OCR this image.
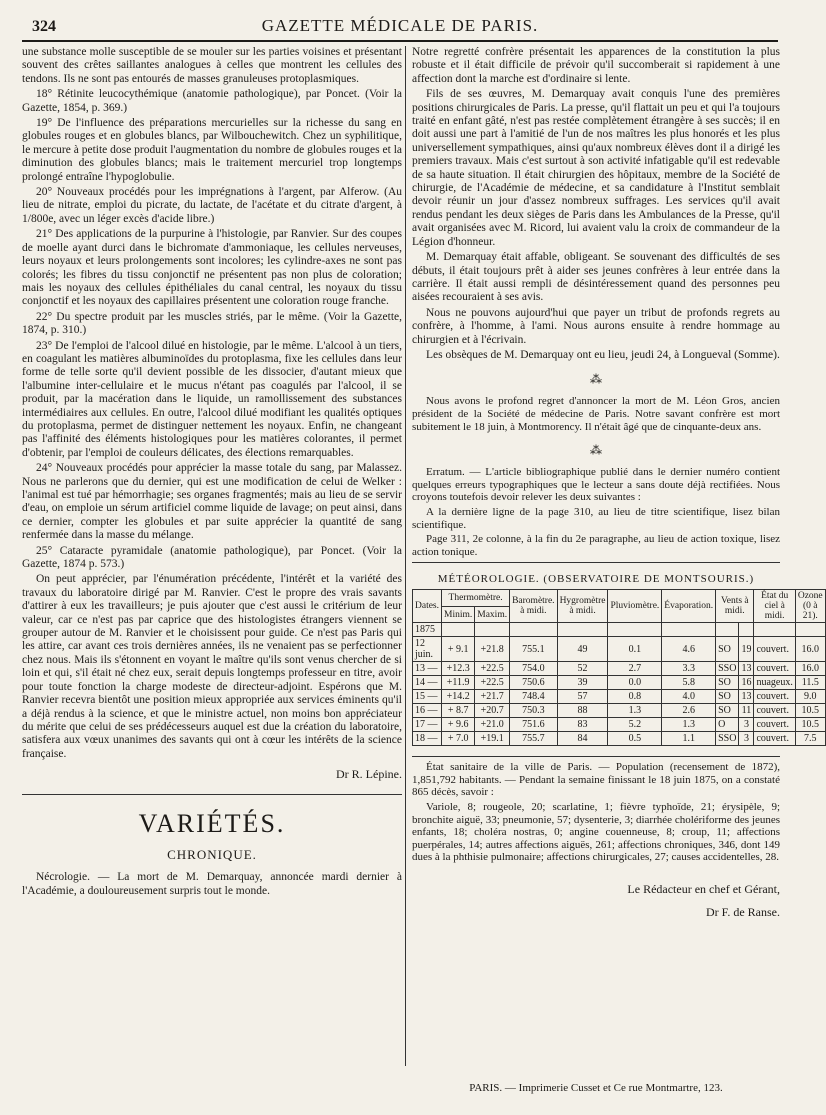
324	GAZETTE MÉDICALE DE PARIS.

une substance molle susceptible de se mouler sur les parties voisines et présentant souvent des crêtes saillantes analogues à celles que montrent les cellules des tendons. Ils ne sont pas entourés de masses granuleuses protoplasmiques.

18° Rétinite leucocythémique (anatomie pathologique), par Poncet. (Voir la Gazette, 1854, p. 369.)

19° De l'influence des préparations mercurielles sur la richesse du sang en globules rouges et en globules blancs, par Wilbouchewitch. Chez un syphilitique, le mercure à petite dose produit l'augmentation du nombre de globules rouges et la diminution des globules blancs; mais le traitement mercuriel trop longtemps prolongé entraîne l'hypoglobulie.

20° Nouveaux procédés pour les imprégnations à l'argent, par Alferow. (Au lieu de nitrate, emploi du picrate, du lactate, de l'acétate et du citrate d'argent, à 1/800e, avec un léger excès d'acide libre.)

21° Des applications de la purpurine à l'histologie, par Ranvier. Sur des coupes de moelle ayant durci dans le bichromate d'ammoniaque, les cellules nerveuses, leurs noyaux et leurs prolongements sont incolores; les cylindre-axes ne sont pas colorés; les fibres du tissu conjonctif ne présentent pas non plus de coloration; mais les noyaux des cellules épithéliales du canal central, les noyaux du tissu conjonctif et les noyaux des capillaires présentent une coloration rouge franche.

22° Du spectre produit par les muscles striés, par le même. (Voir la Gazette, 1874, p. 310.)

23° De l'emploi de l'alcool dilué en histologie, par le même. L'alcool à un tiers, en coagulant les matières albuminoïdes du protoplasma, fixe les cellules dans leur forme de telle sorte qu'il devient possible de les dissocier, d'autant mieux que l'albumine inter-cellulaire et le mucus n'étant pas coagulés par l'alcool, il se produit, par la macération dans le liquide, un ramollissement des substances intermédiaires aux cellules. En outre, l'alcool dilué modifiant les qualités optiques du protoplasma, permet de distinguer nettement les noyaux. Enfin, ne changeant pas l'affinité des éléments histologiques pour les matières colorantes, il permet d'obtenir, par l'emploi de couleurs délicates, des élections remarquables.

24° Nouveaux procédés pour apprécier la masse totale du sang, par Malassez. Nous ne parlerons que du dernier, qui est une modification de celui de Welker : l'animal est tué par hémorrhagie; ses organes fragmentés; mais au lieu de se servir d'eau, on emploie un sérum artificiel comme liquide de lavage; on peut ainsi, dans ce dernier, compter les globules et par suite apprécier la quantité de sang renfermée dans la masse du mélange.

25° Cataracte pyramidale (anatomie pathologique), par Poncet. (Voir la Gazette, 1874 p. 573.)

On peut apprécier, par l'énumération précédente, l'intérêt et la variété des travaux du laboratoire dirigé par M. Ranvier. C'est le propre des vrais savants d'attirer à eux les travailleurs; je puis ajouter que c'est aussi le critérium de leur valeur, car ce n'est pas par caprice que des histologistes étrangers viennent se grouper autour de M. Ranvier et le choisissent pour guide. Ce n'est pas Paris qui les attire, car avant ces trois dernières années, ils ne venaient pas se perfectionner chez nous. Mais ils s'étonnent en voyant le maître qu'ils sont venus chercher de si loin et qui, s'il était né chez eux, serait depuis longtemps professeur en titre, avoir pour toute fonction la charge modeste de directeur-adjoint. Espérons que M. Ranvier recevra bientôt une position mieux appropriée aux services éminents qu'il a déjà rendus à la science, et que le ministre actuel, non moins bon appréciateur du mérite que celui de ses prédécesseurs auquel est due la création du laboratoire, satisfera aux vœux unanimes des savants qui ont à cœur les intérêts de la science française.

Dr R. Lépine.
VARIÉTÉS.
CHRONIQUE.

Nécrologie. — La mort de M. Demarquay, annoncée mardi dernier à l'Académie, a douloureusement surpris tout le monde.

Notre regretté confrère présentait les apparences de la constitution la plus robuste et il était difficile de prévoir qu'il succomberait si rapidement à une affection dont la marche est d'ordinaire si lente.

Fils de ses œuvres, M. Demarquay avait conquis l'une des premières positions chirurgicales de Paris. La presse, qu'il flattait un peu et qui l'a toujours traité en enfant gâté, n'est pas restée complètement étrangère à ses succès; il en doit aussi une part à l'amitié de l'un de nos maîtres les plus honorés et les plus universellement sympathiques, ainsi qu'aux nombreux élèves dont il a dirigé les premiers travaux. Mais c'est surtout à son activité infatigable qu'il est redevable de sa haute situation. Il était chirurgien des hôpitaux, membre de la Société de chirurgie, de l'Académie de médecine, et sa candidature à l'Institut semblait devoir réunir un jour d'assez nombreux suffrages. Les services qu'il avait rendus pendant les deux sièges de Paris dans les Ambulances de la Presse, qu'il avait organisées avec M. Ricord, lui avaient valu la croix de commandeur de la Légion d'honneur.

M. Demarquay était affable, obligeant. Se souvenant des difficultés de ses débuts, il était toujours prêt à aider ses jeunes confrères à leur entrée dans la carrière. Il était aussi rempli de désintéressement quand des personnes peu aisées recouraient à ses avis.

Nous ne pouvons aujourd'hui que payer un tribut de profonds regrets au confrère, à l'homme, à l'ami. Nous aurons ensuite à rendre hommage au chirurgien et à l'écrivain.

Les obsèques de M. Demarquay ont eu lieu, jeudi 24, à Longueval (Somme).

⁂

Nous avons le profond regret d'annoncer la mort de M. Léon Gros, ancien président de la Société de médecine de Paris. Notre savant confrère est mort subitement le 18 juin, à Montmorency. Il n'était âgé que de cinquante-deux ans.

⁂

Erratum. — L'article bibliographique publié dans le dernier numéro contient quelques erreurs typographiques que le lecteur a sans doute déjà rectifiées. Nous croyons toutefois devoir relever les deux suivantes :

A la dernière ligne de la page 310, au lieu de titre scientifique, lisez bilan scientifique.

Page 311, 2e colonne, à la fin du 2e paragraphe, au lieu de action toxique, lisez action tonique.

MÉTÉOROLOGIE. (OBSERVATOIRE DE MONTSOURIS.)
Dates.	Thermomètre.		Baromètre. à midi.	Hygromètre à midi.	Pluviomètre.	Évaporation.	Vents à midi.		État du ciel à midi.	Ozone (0 à 21).
	Minim.	Maxim.								
1875										
12 juin.	+ 9.1	+21.8	755.1	49	0.1	4.6	SO	19	couvert.	16.0
13 —	+12.3	+22.5	754.0	52	2.7	3.3	SSO	13	couvert.	16.0
14 —	+11.9	+22.5	750.6	39	0.0	5.8	SO	16	nuageux.	11.5
15 —	+14.2	+21.7	748.4	57	0.8	4.0	SO	13	couvert.	9.0
16 —	+ 8.7	+20.7	750.3	88	1.3	2.6	SO	11	couvert.	10.5
17 —	+ 9.6	+21.0	751.6	83	5.2	1.3	O	3	couvert.	10.5
18 —	+ 7.0	+19.1	755.7	84	0.5	1.1	SSO	3	couvert.	7.5

État sanitaire de la ville de Paris. — Population (recensement de 1872), 1,851,792 habitants. — Pendant la semaine finissant le 18 juin 1875, on a constaté 865 décès, savoir :

Variole, 8; rougeole, 20; scarlatine, 1; fièvre typhoïde, 21; érysipèle, 9; bronchite aiguë, 33; pneumonie, 57; dysenterie, 3; diarrhée cholériforme des jeunes enfants, 18; choléra nostras, 0; angine couenneuse, 8; croup, 11; affections puerpérales, 14; autres affections aiguës, 261; affections chroniques, 346, dont 149 dues à la phthisie pulmonaire; affections chirurgicales, 27; causes accidentelles, 28.

Le Rédacteur en chef et Gérant,
Dr F. de Ranse.
PARIS. — Imprimerie Cusset et Ce rue Montmartre, 123.
